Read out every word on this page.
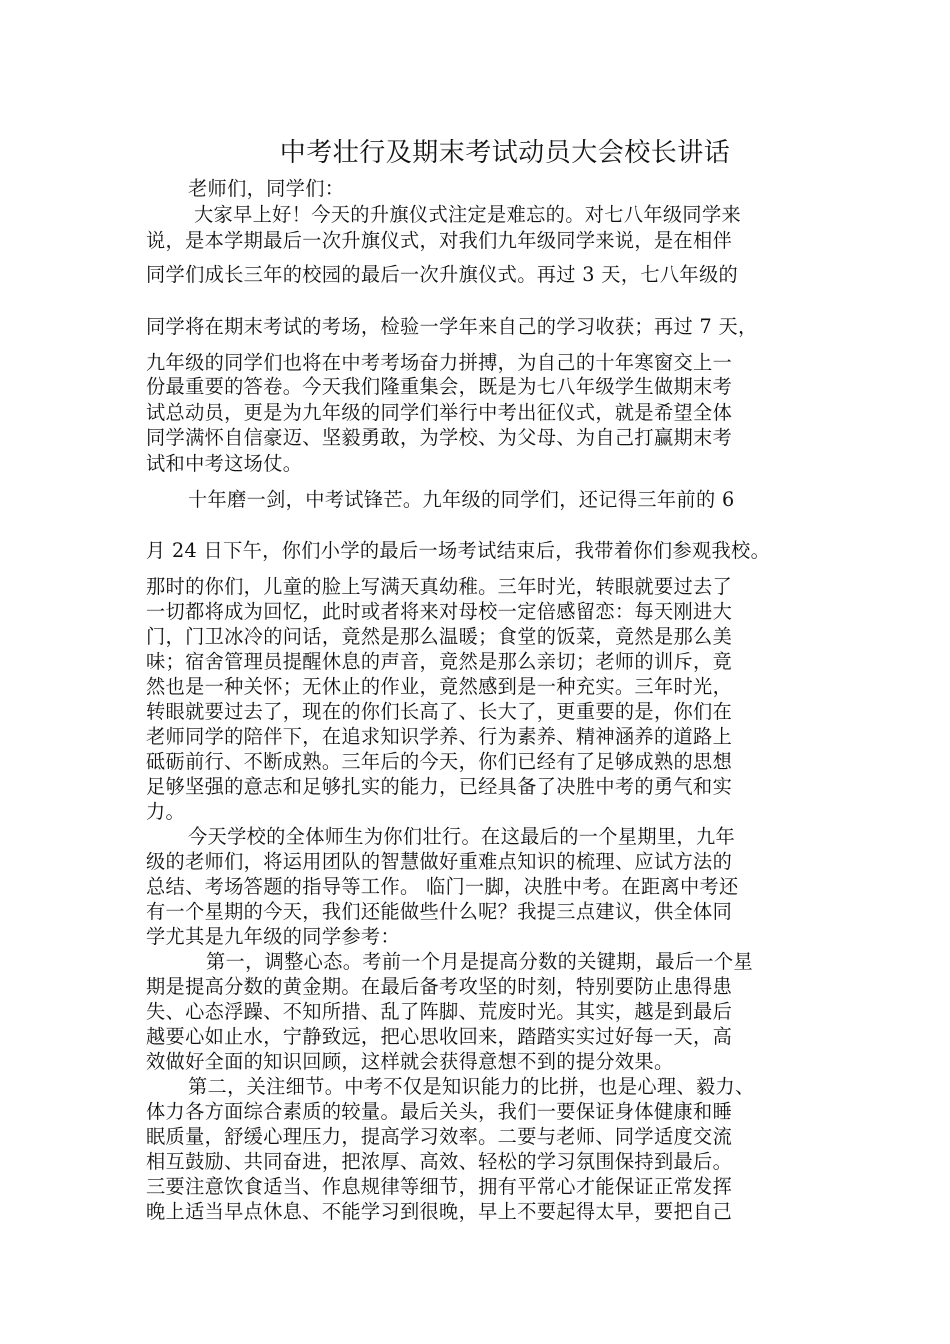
中考壮行及期末考试动员大会校长讲话
老师们，同学们：
大家早上好！今天的升旗仪式注定是难忘的。对七八年级同学来
说，是本学期最后一次升旗仪式，对我们九年级同学来说，是在相伴
同学们成长三年的校园的最后一次升旗仪式。再过 3 天，七八年级的
同学将在期末考试的考场，检验一学年来自己的学习收获；再过 7 天，
九年级的同学们也将在中考考场奋力拼搏，为自己的十年寒窗交上一
份最重要的答卷。今天我们隆重集会，既是为七八年级学生做期末考
试总动员，更是为九年级的同学们举行中考出征仪式，就是希望全体
同学满怀自信豪迈、坚毅勇敢，为学校、为父母、为自己打赢期末考
试和中考这场仗。
十年磨一剑，中考试锋芒。九年级的同学们，还记得三年前的 6
月 24 日下午，你们小学的最后一场考试结束后，我带着你们参观我校。
那时的你们，儿童的脸上写满天真幼稚。三年时光，转眼就要过去了
一切都将成为回忆，此时或者将来对母校一定倍感留恋：每天刚进大
门，门卫冰冷的问话，竟然是那么温暖；食堂的饭菜，竟然是那么美
味；宿舍管理员提醒休息的声音，竟然是那么亲切；老师的训斥，竟
然也是一种关怀；无休止的作业，竟然感到是一种充实。三年时光，
转眼就要过去了，现在的你们长高了、长大了，更重要的是，你们在
老师同学的陪伴下，在追求知识学养、行为素养、精神涵养的道路上
砥砺前行、不断成熟。三年后的今天，你们已经有了足够成熟的思想
足够坚强的意志和足够扎实的能力，已经具备了决胜中考的勇气和实
力。
今天学校的全体师生为你们壮行。在这最后的一个星期里，九年
级的老师们，将运用团队的智慧做好重难点知识的梳理、应试方法的
总结、考场答题的指导等工作。 临门一脚，决胜中考。在距离中考还
有一个星期的今天，我们还能做些什么呢？我提三点建议，供全体同
学尤其是九年级的同学参考：
第一，调整心态。考前一个月是提高分数的关键期，最后一个星
期是提高分数的黄金期。在最后备考攻坚的时刻，特别要防止患得患
失、心态浮躁、不知所措、乱了阵脚、荒废时光。其实，越是到最后
越要心如止水，宁静致远，把心思收回来，踏踏实实过好每一天，高
效做好全面的知识回顾，这样就会获得意想不到的提分效果。
第二，关注细节。中考不仅是知识能力的比拼，也是心理、毅力、
体力各方面综合素质的较量。最后关头，我们一要保证身体健康和睡
眠质量，舒缓心理压力，提高学习效率。二要与老师、同学适度交流
相互鼓励、共同奋进，把浓厚、高效、轻松的学习氛围保持到最后。
三要注意饮食适当、作息规律等细节，拥有平常心才能保证正常发挥
晚上适当早点休息、不能学习到很晚，早上不要起得太早，要把自己
